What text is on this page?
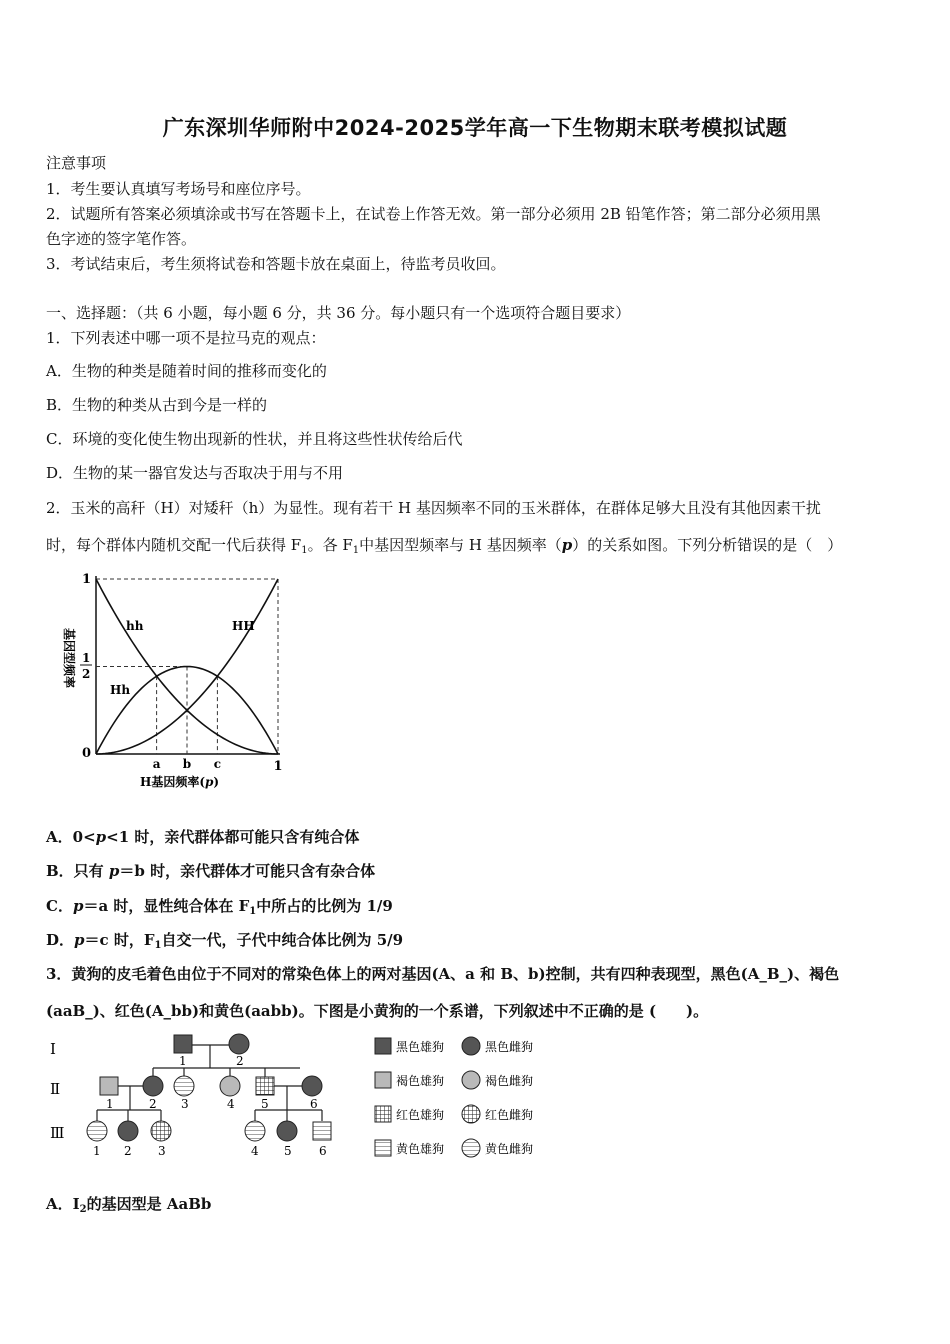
广东深圳华师附中2024-2025学年高一下生物期末联考模拟试题
注意事项
1．考生要认真填写考场号和座位序号。
2．试题所有答案必须填涂或书写在答题卡上，在试卷上作答无效。第一部分必须用 2B 铅笔作答；第二部分必须用黑
色字迹的签字笔作答。
3．考试结束后，考生须将试卷和答题卡放在桌面上，待监考员收回。
一、选择题：（共 6 小题，每小题 6 分，共 36 分。每小题只有一个选项符合题目要求）
1．下列表述中哪一项不是拉马克的观点：
A．生物的种类是随着时间的推移而变化的
B．生物的种类从古到今是一样的
C．环境的变化使生物出现新的性状，并且将这些性状传给后代
D．生物的某一器官发达与否取决于用与不用
2．玉米的高秆（H）对矮秆（h）为显性。现有若干 H 基因频率不同的玉米群体，在群体足够大且没有其他因素干扰
时，每个群体内随机交配一代后获得 $F_1$。各 $F_1$中基因型频率与 H 基因频率（p）的关系如图。下列分析错误的是（　）
1
1
2
0
a b c	1
hh	HH
Hh
基因型频率
H基因频率(p)
A．0<p<1 时，亲代群体都可能只含有纯合体
B．只有 p＝b 时，亲代群体才可能只含有杂合体
C．p＝a 时，显性纯合体在 $F_1$中所占的比例为 1/9
D．p＝c 时，$F_1$自交一代，子代中纯合体比例为 5/9
3．黄狗的皮毛着色由位于不同对的常染色体上的两对基因(A、a 和 B、b)控制，共有四种表现型，黑色(A_B_)、褐色
(aaB_)、红色(A_bb)和黄色(aabb)。下图是小黄狗的一个系谱，下列叙述中不正确的是 (　　)。
Ⅰ
Ⅱ
Ⅲ
1	2
1	2 3	4 5	6
1 2 3	4 5 6
黑色雄狗	黑色雌狗
褐色雄狗	褐色雌狗
红色雄狗	红色雌狗
黄色雄狗	黄色雌狗
A．$Ⅰ_2$的基因型是 AaBb
